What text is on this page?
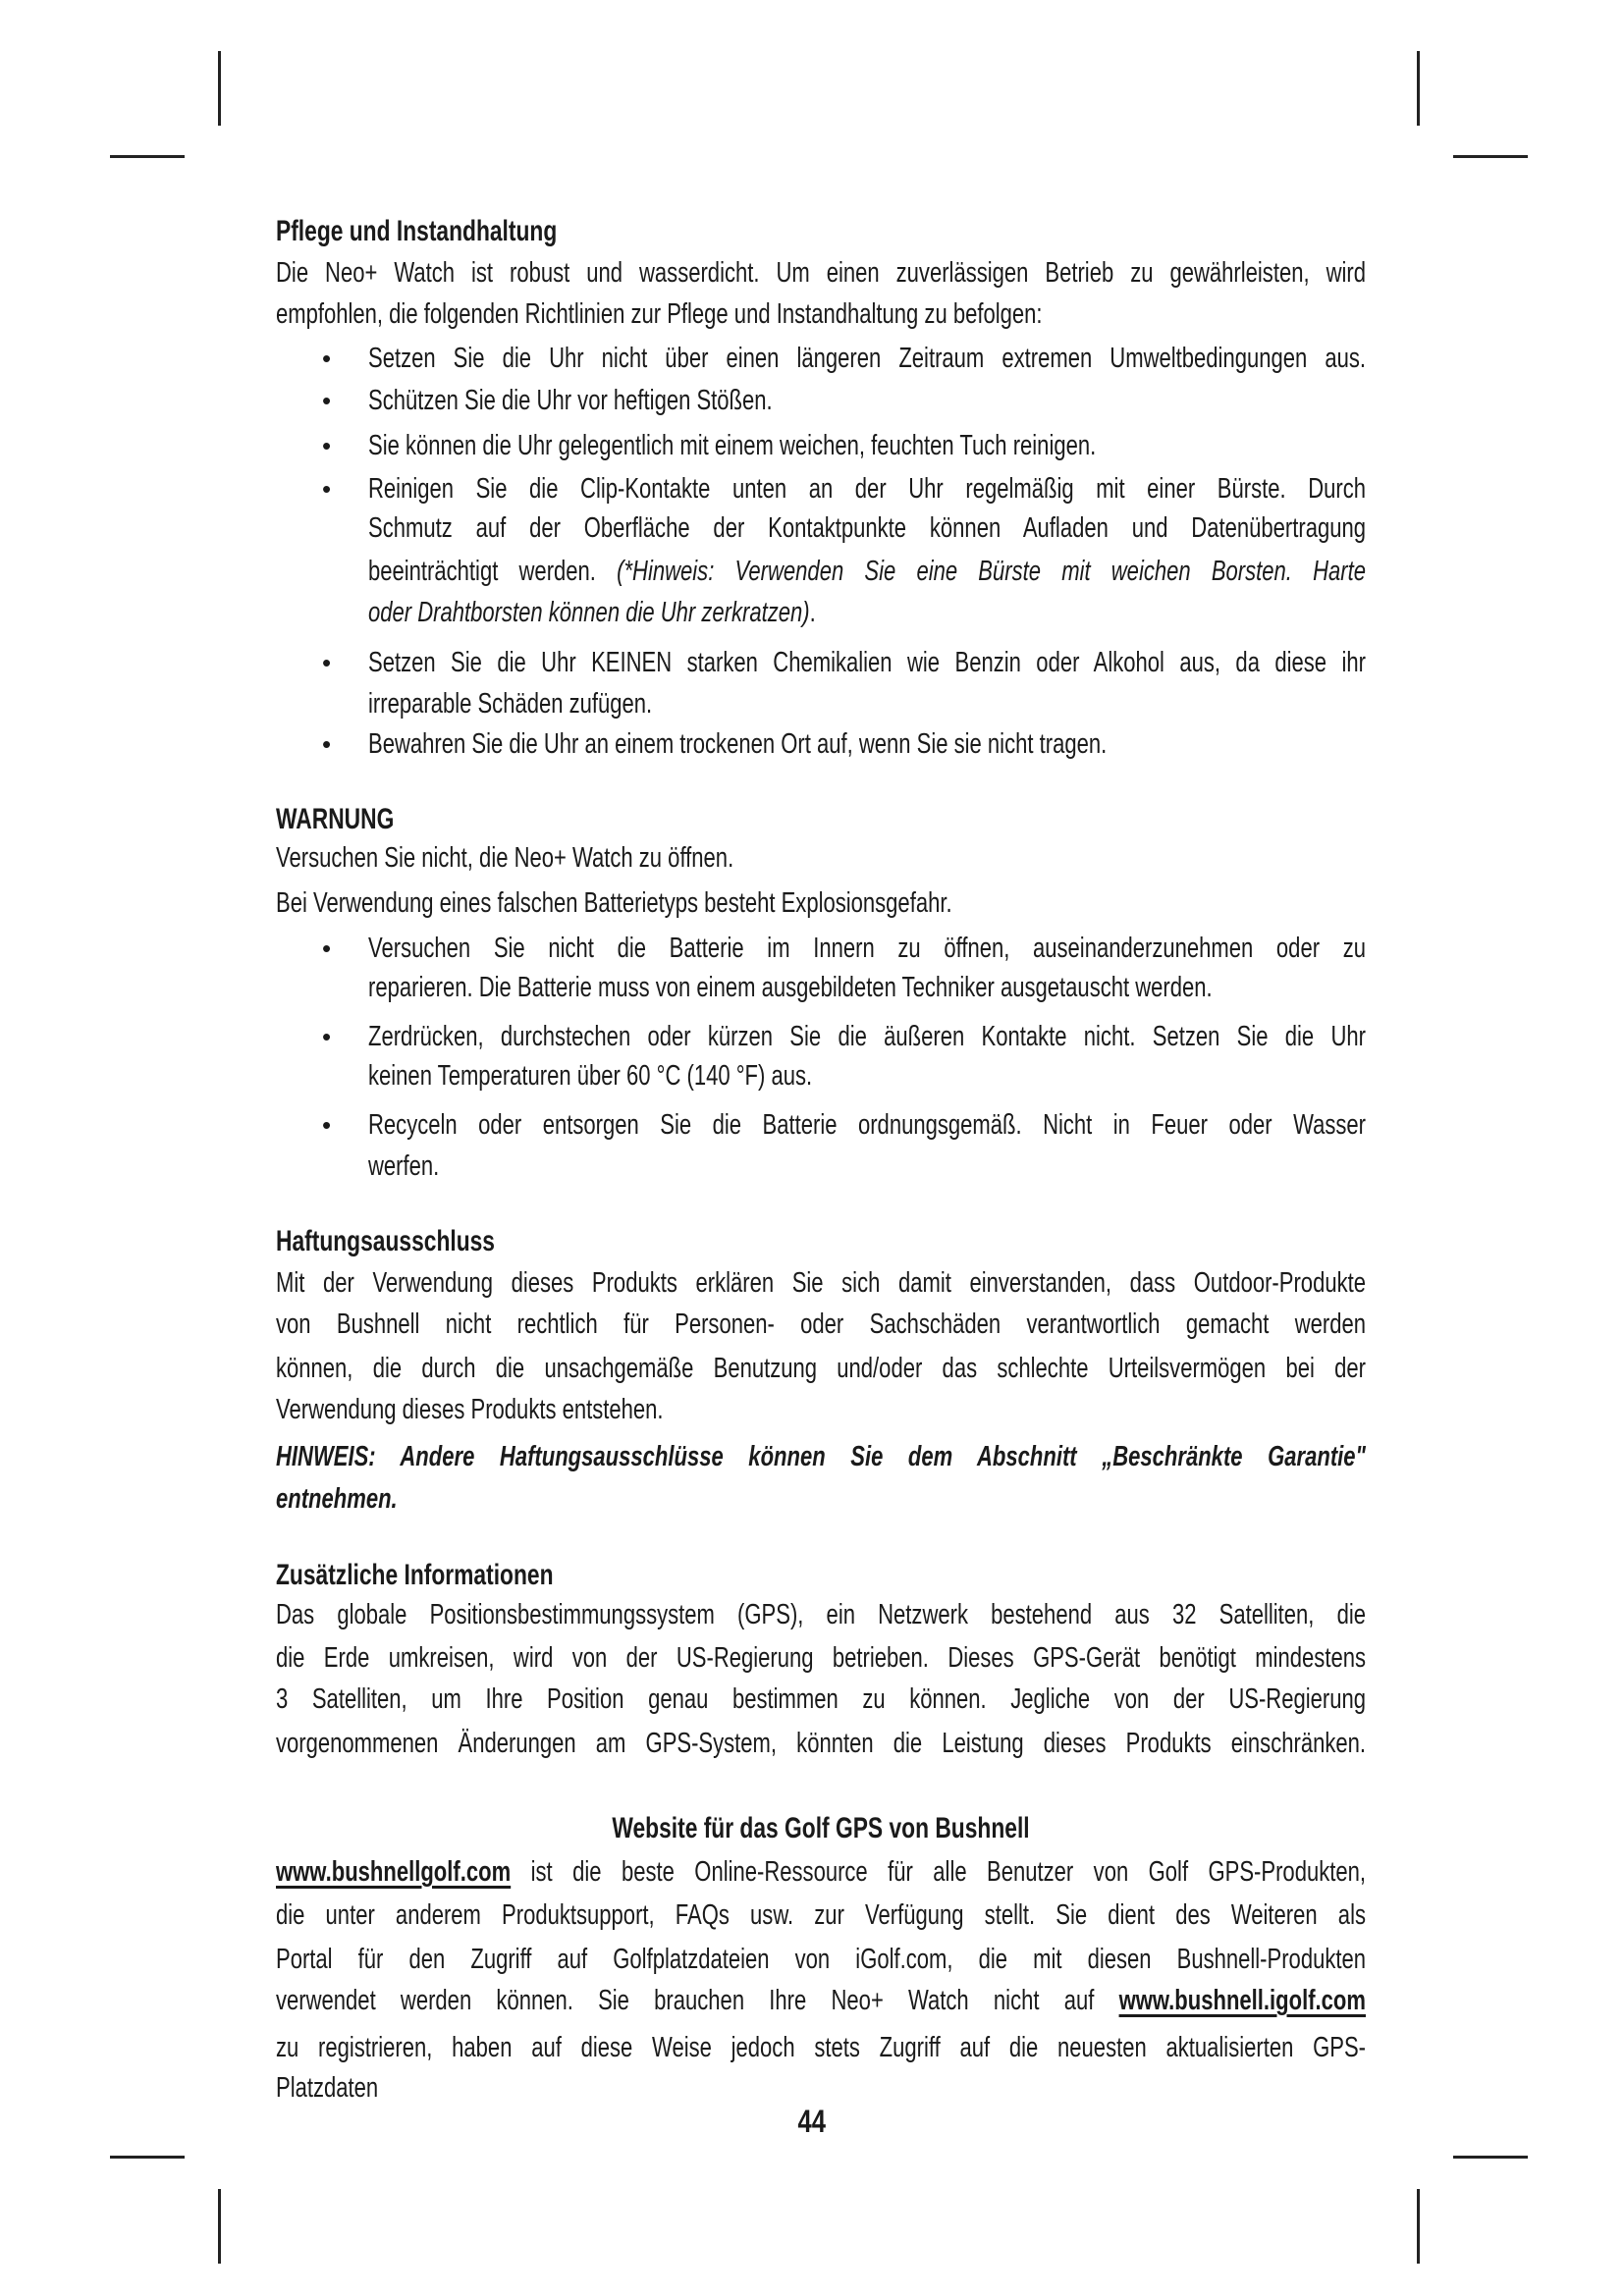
Pflege und Instandhaltung
Die Neo+ Watch ist robust und wasserdicht. Um einen zuverlässigen Betrieb zu gewährleisten, wird
empfohlen, die folgenden Richtlinien zur Pflege und Instandhaltung zu befolgen:
• Setzen Sie die Uhr nicht über einen längeren Zeitraum extremen Umweltbedingungen aus.
• Schützen Sie die Uhr vor heftigen Stößen.
• Sie können die Uhr gelegentlich mit einem weichen, feuchten Tuch reinigen.
• Reinigen Sie die Clip-Kontakte unten an der Uhr regelmäßig mit einer Bürste. Durch
Schmutz auf der Oberfläche der Kontaktpunkte können Aufladen und Datenübertragung
beeinträchtigt werden. (*Hinweis: Verwenden Sie eine Bürste mit weichen Borsten. Harte
oder Drahtborsten können die Uhr zerkratzen).
• Setzen Sie die Uhr KEINEN starken Chemikalien wie Benzin oder Alkohol aus, da diese ihr
irreparable Schäden zufügen.
• Bewahren Sie die Uhr an einem trockenen Ort auf, wenn Sie sie nicht tragen.
WARNUNG
Versuchen Sie nicht, die Neo+ Watch zu öffnen.
Bei Verwendung eines falschen Batterietyps besteht Explosionsgefahr.
• Versuchen Sie nicht die Batterie im Innern zu öffnen, auseinanderzunehmen oder zu
reparieren. Die Batterie muss von einem ausgebildeten Techniker ausgetauscht werden.
• Zerdrücken, durchstechen oder kürzen Sie die äußeren Kontakte nicht. Setzen Sie die Uhr
keinen Temperaturen über 60 °C (140 °F) aus.
• Recyceln oder entsorgen Sie die Batterie ordnungsgemäß. Nicht in Feuer oder Wasser
werfen.
Haftungsausschluss
Mit der Verwendung dieses Produkts erklären Sie sich damit einverstanden, dass Outdoor-Produkte
von Bushnell nicht rechtlich für Personen- oder Sachschäden verantwortlich gemacht werden
können, die durch die unsachgemäße Benutzung und/oder das schlechte Urteilsvermögen bei der
Verwendung dieses Produkts entstehen.
HINWEIS: Andere Haftungsausschlüsse können Sie dem Abschnitt „Beschränkte Garantie"
entnehmen.
Zusätzliche Informationen
Das globale Positionsbestimmungssystem (GPS), ein Netzwerk bestehend aus 32 Satelliten, die
die Erde umkreisen, wird von der US-Regierung betrieben. Dieses GPS-Gerät benötigt mindestens
3 Satelliten, um Ihre Position genau bestimmen zu können. Jegliche von der US-Regierung
vorgenommenen Änderungen am GPS-System, könnten die Leistung dieses Produkts einschränken.
Website für das Golf GPS von Bushnell
www.bushnellgolf.com ist die beste Online-Ressource für alle Benutzer von Golf GPS-Produkten,
die unter anderem Produktsupport, FAQs usw. zur Verfügung stellt. Sie dient des Weiteren als
Portal für den Zugriff auf Golfplatzdateien von iGolf.com, die mit diesen Bushnell-Produkten
verwendet werden können. Sie brauchen Ihre Neo+ Watch nicht auf www.bushnell.igolf.com
zu registrieren, haben auf diese Weise jedoch stets Zugriff auf die neuesten aktualisierten GPS-
Platzdaten
44
